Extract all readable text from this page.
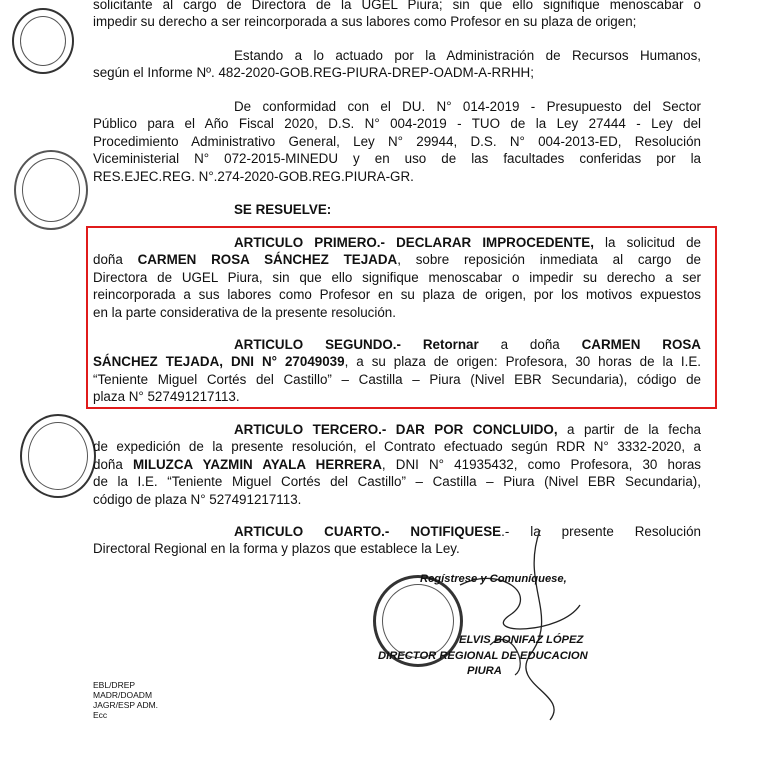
solicitante al cargo de Directora de la UGEL Piura; sin que ello signifique menoscabar o
impedir su derecho a ser reincorporada a sus labores como Profesor en su plaza de origen;
Estando a lo actuado por la Administración de Recursos Humanos,
según el Informe Nº. 482-2020-GOB.REG-PIURA-DREP-OADM-A-RRHH;
De conformidad con el DU. N° 014-2019 - Presupuesto del Sector
Público para el Año Fiscal 2020, D.S. N° 004-2019 - TUO de la Ley 27444 - Ley del
Procedimiento Administrativo General, Ley N° 29944, D.S. N° 004-2013-ED, Resolución
Viceministerial N° 072-2015-MINEDU y en uso de las facultades conferidas por la
RES.EJEC.REG. N°.274-2020-GOB.REG.PIURA-GR.
SE RESUELVE:
ARTICULO PRIMERO.- DECLARAR IMPROCEDENTE, la solicitud de
doña CARMEN ROSA SÁNCHEZ TEJADA, sobre reposición inmediata al cargo de
Directora de UGEL Piura, sin que ello signifique menoscabar o impedir su derecho a ser
reincorporada a sus labores como Profesor en su plaza de origen, por los motivos expuestos
en la parte considerativa de la presente resolución.
ARTICULO SEGUNDO.- Retornar a doña CARMEN ROSA
SÁNCHEZ TEJADA, DNI N° 27049039, a su plaza de origen: Profesora, 30 horas de la I.E.
“Teniente Miguel Cortés del Castillo” – Castilla – Piura (Nivel EBR Secundaria), código de
plaza N° 527491217113.
ARTICULO TERCERO.- DAR POR CONCLUIDO, a partir de la fecha
de expedición de la presente resolución, el Contrato efectuado según RDR N° 3332-2020, a
doña MILUZCA YAZMIN AYALA HERRERA, DNI N° 41935432, como Profesora, 30 horas
de la I.E. “Teniente Miguel Cortés del Castillo” – Castilla – Piura (Nivel EBR Secundaria),
código de plaza N° 527491217113.
ARTICULO CUARTO.- NOTIFIQUESE.- la presente Resolución
Directoral Regional en la forma y plazos que establece la Ley.
Regístrese y Comuníquese,
ELVIS BONIFAZ LÓPEZ
DIRECTOR REGIONAL DE EDUCACION
PIURA
EBL/DREP
MADR/DOADM
JAGR/ESP ADM.
Ecc
